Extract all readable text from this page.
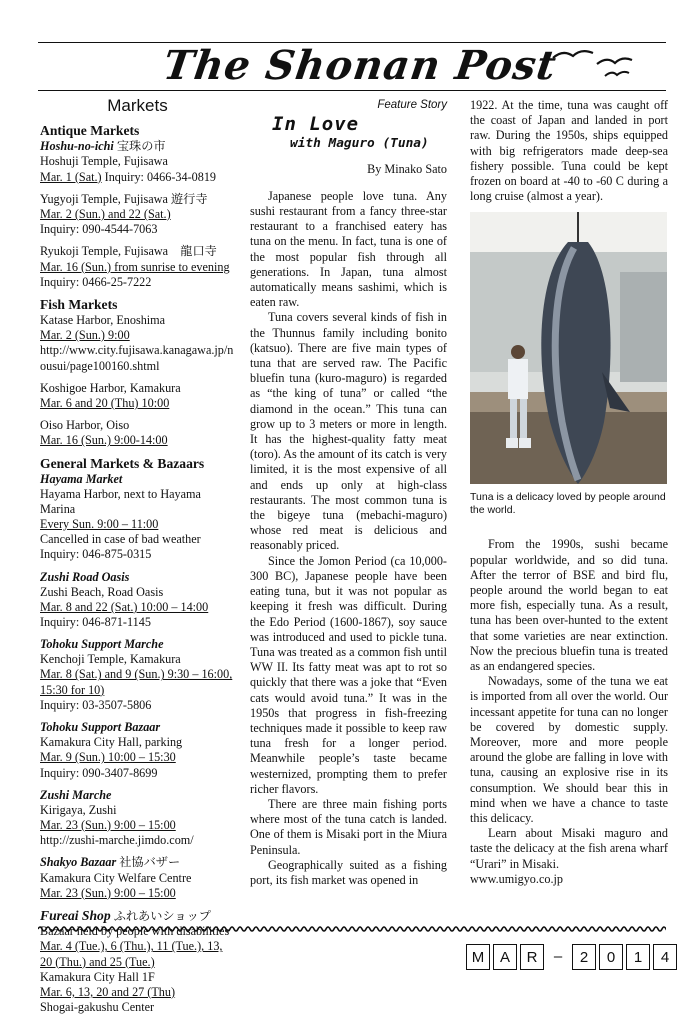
The Shonan Post
Markets
Antique Markets
Hoshu-no-ichi 宝珠の市
Hoshuji Temple, Fujisawa
Mar. 1 (Sat.) Inquiry: 0466-34-0819
Yugyoji Temple, Fujisawa 遊行寺
Mar. 2 (Sun.) and 22 (Sat.)
Inquiry: 090-4544-7063
Ryukoji Temple, Fujisawa　龍口寺
Mar. 16 (Sun.) from sunrise to evening
Inquiry: 0466-25-7222
Fish Markets
Katase Harbor, Enoshima
Mar. 2 (Sun.) 9:00
http://www.city.fujisawa.kanagawa.jp/nousui/page100160.shtml
Koshigoe Harbor, Kamakura
Mar. 6 and 20 (Thu) 10:00
Oiso Harbor, Oiso
Mar. 16 (Sun.) 9:00-14:00
General Markets & Bazaars
Hayama Market
Hayama Harbor, next to Hayama Marina
Every Sun. 9:00 – 11:00
Cancelled in case of bad weather
Inquiry: 046-875-0315
Zushi Road Oasis
Zushi Beach, Road Oasis
Mar. 8 and 22 (Sat.) 10:00 – 14:00
Inquiry: 046-871-1145
Tohoku Support Marche
Kenchoji Temple, Kamakura
Mar. 8 (Sat.) and 9 (Sun.) 9:30 – 16:00, 15:30 for 10)
Inquiry: 03-3507-5806
Tohoku Support Bazaar
Kamakura City Hall, parking
Mar. 9 (Sun.) 10:00 – 15:30
Inquiry: 090-3407-8699
Zushi Marche
Kirigaya, Zushi
Mar. 23 (Sun.) 9:00 – 15:00
http://zushi-marche.jimdo.com/
Shakyo Bazaar 社協バザー
Kamakura City Welfare Centre
Mar. 23 (Sun.) 9:00 – 15:00
Fureai Shop ふれあいショップ
Bazaar held by people with disabilities
Mar. 4 (Tue.), 6 (Thu.), 11 (Tue.), 13, 20 (Thu.) and 25 (Tue.)
Kamakura City Hall 1F
Mar. 6, 13, 20 and 27 (Thu)
Shogai-gakushu Center
Feature Story
In Love
with Maguro (Tuna)
By Minako Sato

Japanese people love tuna. Any sushi restaurant from a fancy three-star restaurant to a franchised eatery has tuna on the menu. In fact, tuna is one of the most popular fish through all generations. In Japan, tuna almost automatically means sashimi, which is eaten raw.

Tuna covers several kinds of fish in the Thunnus family including bonito (katsuo). There are five main types of tuna that are served raw. The Pacific bluefin tuna (kuro-maguro) is regarded as “the king of tuna” or called “the diamond in the ocean.” This tuna can grow up to 3 meters or more in length. It has the highest-quality fatty meat (toro). As the amount of its catch is very limited, it is the most expensive of all and ends up only at high-class restaurants. The most common tuna is the bigeye tuna (mebachi-maguro) whose red meat is delicious and reasonably priced.

Since the Jomon Period (ca 10,000-300 BC), Japanese people have been eating tuna, but it was not popular as keeping it fresh was difficult. During the Edo Period (1600-1867), soy sauce was introduced and used to pickle tuna. Tuna was treated as a common fish until WW II. Its fatty meat was apt to rot so quickly that there was a joke that “Even cats would avoid tuna.” It was in the 1950s that progress in fish-freezing techniques made it possible to keep raw tuna fresh for a longer period. Meanwhile people’s taste became westernized, prompting them to prefer richer flavors.

There are three main fishing ports where most of the tuna catch is landed. One of them is Misaki port in the Miura Peninsula.

Geographically suited as a fishing port, its fish market was opened in

1922. At the time, tuna was caught off the coast of Japan and landed in port raw. During the 1950s, ships equipped with big refrigerators made deep-sea fishery possible. Tuna could be kept frozen on board at -40 to -60 C during a long cruise (almost a year).

Tuna is a delicacy loved by people around the world.

From the 1990s, sushi became popular worldwide, and so did tuna. After the terror of BSE and bird flu, people around the world began to eat more fish, especially tuna. As a result, tuna has been over-hunted to the extent that some varieties are near extinction. Now the precious bluefin tuna is treated as an endangered species.

Nowadays, some of the tuna we eat is imported from all over the world. Our incessant appetite for tuna can no longer be covered by domestic supply. Moreover, more and more people around the globe are falling in love with tuna, causing an explosive rise in its consumption. We should bear this in mind when we have a chance to taste this delicacy.

Learn about Misaki maguro and taste the delicacy at the fish arena wharf “Urari” in Misaki.

www.umigyo.co.jp

M	A	R	–	2	0	1	4
